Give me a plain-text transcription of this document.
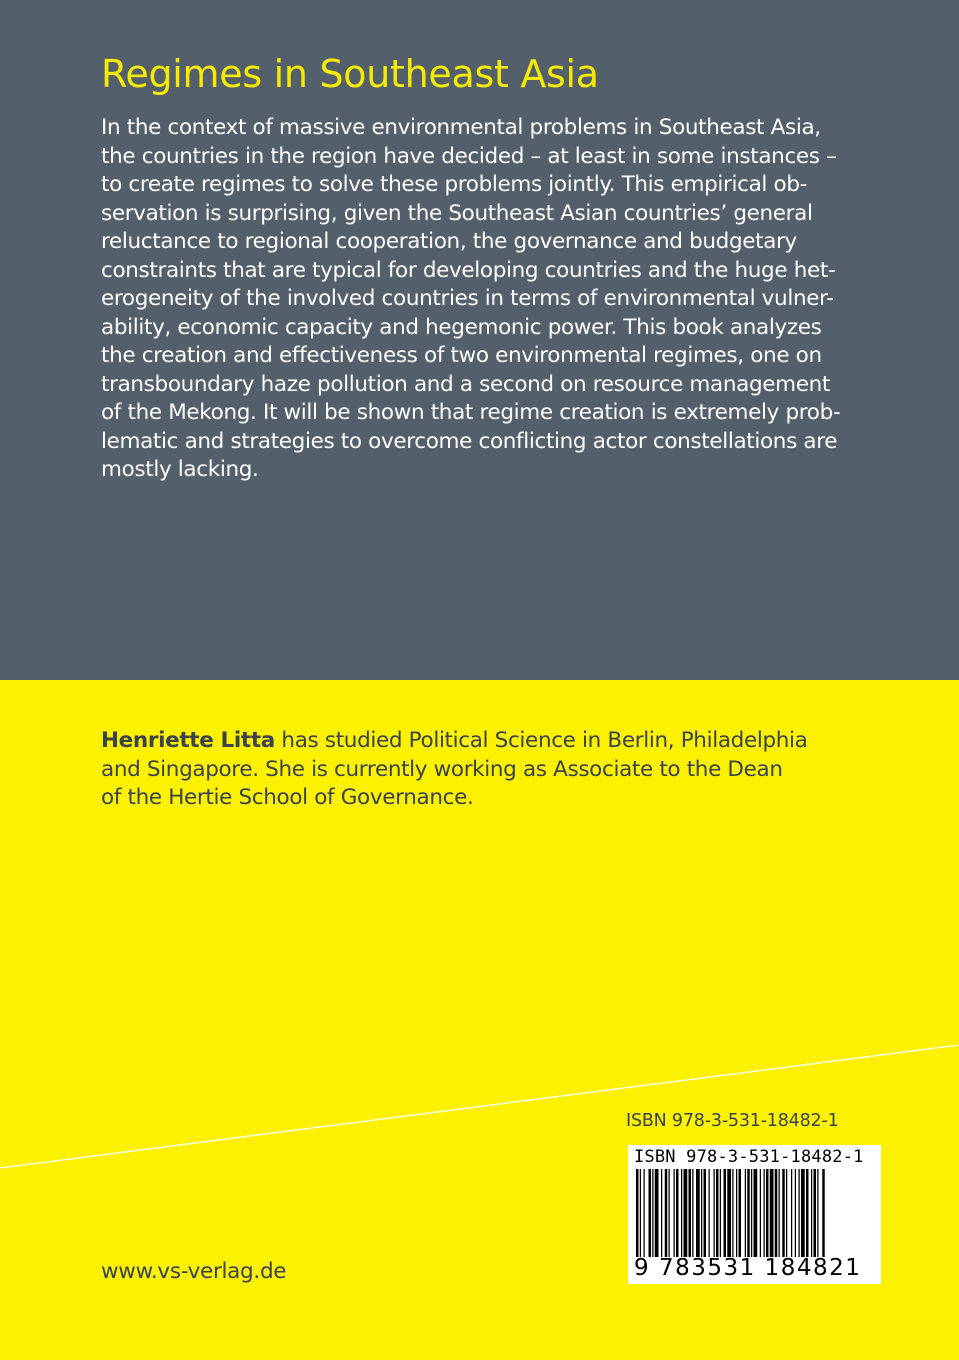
Regimes in Southeast Asia
In the context of massive environmental problems in Southeast Asia,
the countries in the region have decided – at least in some instances –
to create regimes to solve these problems jointly. This empirical ob-
servation is surprising, given the Southeast Asian countries’ general
reluctance to regional cooperation, the governance and budgetary
constraints that are typical for developing countries and the huge het-
erogeneity of the involved countries in terms of environmental vulner-
ability, economic capacity and hegemonic power. This book analyzes
the creation and effectiveness of two environmental regimes, one on
transboundary haze pollution and a second on resource management
of the Mekong. It will be shown that regime creation is extremely prob-
lematic and strategies to overcome conflicting actor constellations are
mostly lacking.
Henriette Litta has studied Political Science in Berlin, Philadelphia
and Singapore. She is currently working as Associate to the Dean
of the Hertie School of Governance.
ISBN 978-3-531-18482-1
ISBN 978-3-531-18482-1
9 783531 184821
www.vs-verlag.de
